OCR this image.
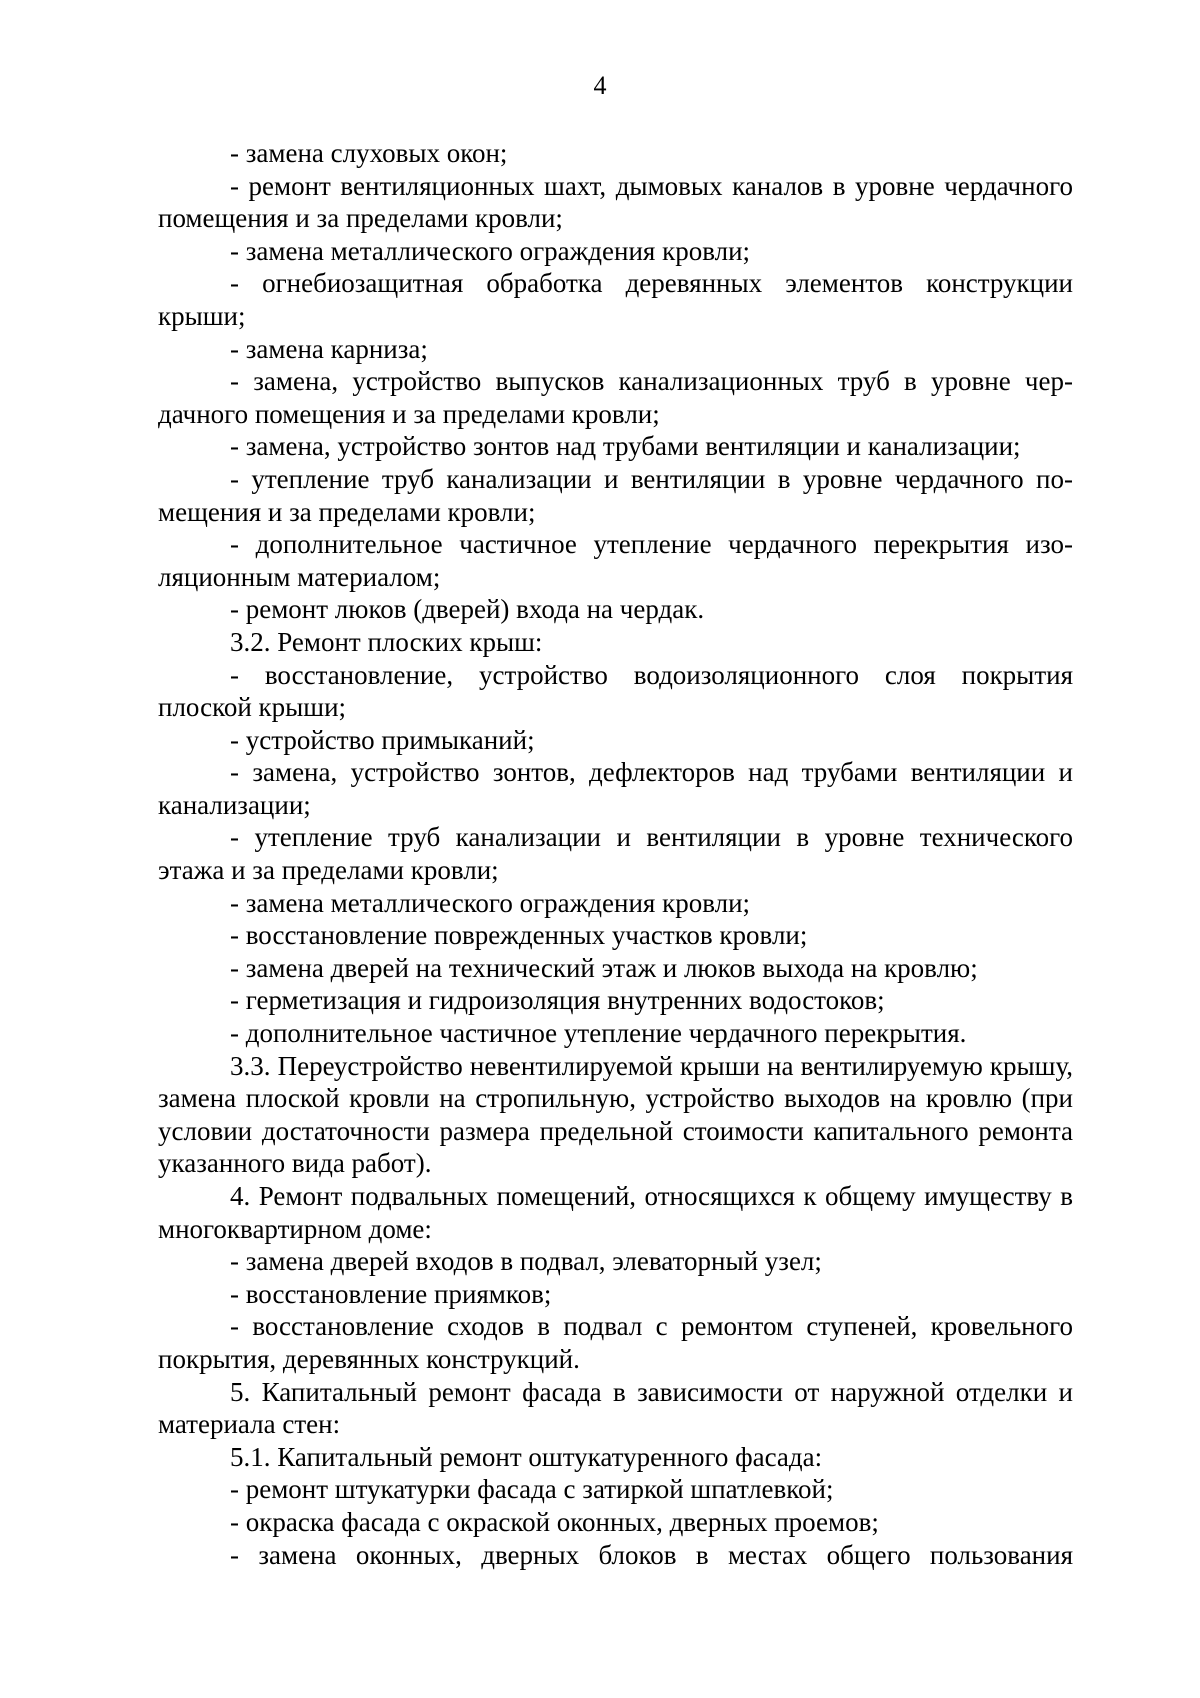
4

- замена слуховых окон;

- ремонт вентиляционных шахт, дымовых каналов в уровне чердачного помещения и за пределами кровли;

- замена металлического ограждения кровли;

- огнебиозащитная обработка деревянных элементов конструкции крыши;

- замена карниза;

- замена, устройство выпусков канализационных труб в уровне чердачного помещения и за пределами кровли;

- замена, устройство зонтов над трубами вентиляции и канализации;

- утепление труб канализации и вентиляции в уровне чердачного помещения и за пределами кровли;

- дополнительное частичное утепление чердачного перекрытия изоляционным материалом;

- ремонт люков (дверей) входа на чердак.

3.2. Ремонт плоских крыш:

- восстановление, устройство водоизоляционного слоя покрытия плоской крыши;

- устройство примыканий;

- замена, устройство зонтов, дефлекторов над трубами вентиляции и канализации;

- утепление труб канализации и вентиляции в уровне технического этажа и за пределами кровли;

- замена металлического ограждения кровли;

- восстановление поврежденных участков кровли;

- замена дверей на технический этаж и люков выхода на кровлю;

- герметизация и гидроизоляция внутренних водостоков;

- дополнительное частичное утепление чердачного перекрытия.

3.3. Переустройство невентилируемой крыши на вентилируемую крышу, замена плоской кровли на стропильную, устройство выходов на кровлю (при условии достаточности размера предельной стоимости капитального ремонта указанного вида работ).

4. Ремонт подвальных помещений, относящихся к общему имуществу в многоквартирном доме:

- замена дверей входов в подвал, элеваторный узел;

- восстановление приямков;

- восстановление сходов в подвал с ремонтом ступеней, кровельного покрытия, деревянных конструкций.

5. Капитальный ремонт фасада в зависимости от наружной отделки и материала стен:

5.1. Капитальный ремонт оштукатуренного фасада:

- ремонт штукатурки фасада с затиркой шпатлевкой;

- окраска фасада с окраской оконных, дверных проемов;

- замена оконных, дверных блоков в местах общего пользования
